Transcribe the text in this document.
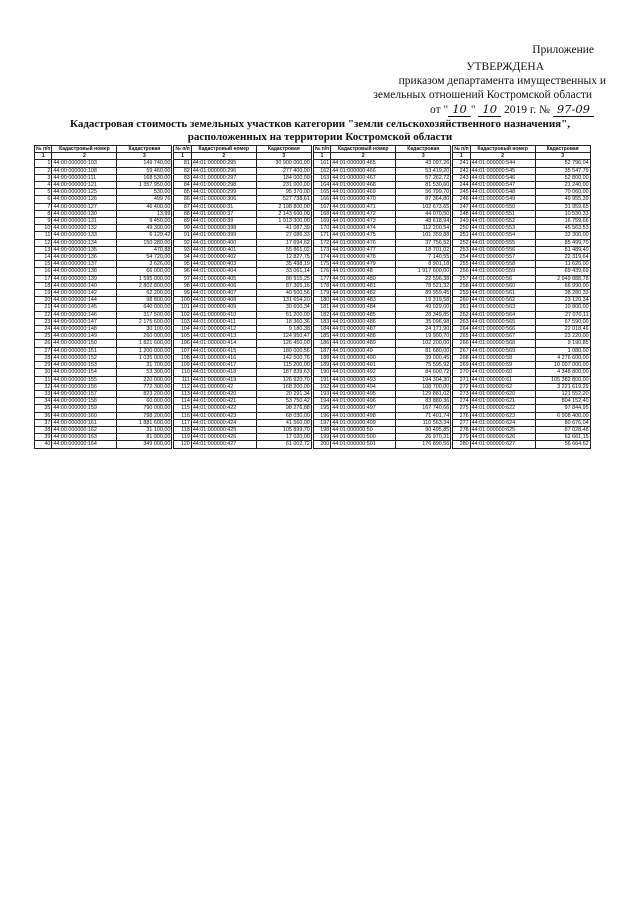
Приложение
УТВЕРЖДЕНА
приказом департамента имущественных и
земельных отношений Костромской области
от " 10 " 10 2019 г. № 97-09
Кадастровая стоимость земельных участков категории "земли сельскохозяйственного назначения",
расположенных на территории Костромской области
№ п/п	Кадастровый номер	Кадастровая
1	2	3
1	44:00:000000:103	149 740,00
2	44:00:000000:108	59 460,00
3	44:00:000000:111	168 530,00
4	44:00:000000:121	1 357 950,00
5	44:00:000000:125	530,00
6	44:00:000000:126	499 76
7	44:00:000000:127	46 400,00
8	44:00:000000:130	13,99
9	44:00:000000:131	9 450,00
10	44:00:000000:132	49 300,00
11	44:00:000000:133	6 129,42
12	44:00:000000:134	150 280,00
13	44:00:000000:135	470,88
14	44:00:000000:136	54 720,00
15	44:00:000000:137	3 626,00
16	44:00:000000:138	66 000,00
17	44:00:000000:139	1 595 000,00
18	44:00:000000:140	2 802 800,00
19	44:00:000000:142	62 200,00
20	44:00:000000:144	98 800,00
21	44:00:000000:145	640 000,00
22	44:00:000000:146	317 500,00
23	44:00:000000:147	2 175 600,00
24	44:00:000000:148	30 100,00
25	44:00:000000:149	260 000,00
26	44:00:000000:150	1 821 600,00
27	44:00:000000:151	1 200 000,00
28	44:00:000000:152	1 035 000,00
29	44:00:000000:153	31 700,00
30	44:00:000000:154	53 300,00
31	44:00:000000:155	220 000,00
32	44:00:000000:156	772 300,00
33	44:00:000000:157	823 200,00
34	44:00:000000:158	60 000,00
35	44:00:000000:159	790 000,00
36	44:00:000000:160	798 200,00
37	44:00:000000:161	1 881 600,00
38	44:00:000000:162	31 100,00
39	44:00:000000:163	81 900,00
40	44:00:000000:164	349 000,00
№ п/п	Кадастровый номер	Кадастровая
1	2	3
81	44:01:000000:295	30 900 000,00
82	44:01:000000:296	277 400,00
83	44:01:000000:297	184 000,00
84	44:01:000000:298	231 000,00
85	44:01:000000:299	95 370,00
86	44:01:000000:306	527 738,61
87	44:01:000000:31	2 198 800,00
88	44:01:000000:37	2 143 600,00
89	44:01:000000:39	1 913 300,00
90	44:01:000000:398	41 087,39
91	44:01:000000:399	27 086,33
92	44:01:000000:400	17 694,62
93	44:01:000000:401	55 861,02
94	44:01:000000:402	12 827,75
95	44:01:000000:403	35 498,19
96	44:01:000000:404	33 061,14
97	44:01:000000:405	86 915,25
98	44:01:000000:406	87 365,16
99	44:01:000000:407	40 500,56
100	44:01:000000:408	131 654,20
101	44:01:000000:409	30 600,34
102	44:01:000000:410	61 200,00
103	44:01:000000:411	18 360,36
104	44:01:000000:412	9 180,38
105	44:01:000000:413	124 950,47
106	44:01:000000:414	126 450,00
107	44:01:000000:415	180 000,56
108	44:01:000000:416	142 500,76
109	44:01:000000:417	115 200,00
110	44:01:000000:418	187 839,63
111	44:01:000000:419	126 920,70
112	44:01:000000:42	168 200,00
113	44:01:000000:420	20 291,34
114	44:01:000000:421	53 750,42
115	44:01:000000:422	98 276,88
116	44:01:000000:423	68 030,00
117	44:01:000000:424	41 560,00
118	44:01:000000:425	105 899,70
119	44:01:000000:426	17 020,00
120	44:01:000000:427	61 002,72
№ п/п	Кадастровый номер	Кадастровая
1	2	3
161	44:01:000000:465	43 097,26
162	44:01:000000:466	53 419,20
163	44:01:000000:467	57 262,72
164	44:01:000000:468	81 530,60
165	44:01:000000:469	56 799,70
166	44:01:000000:470	87 364,80
167	44:01:000000:471	102 673,65
168	44:01:000000:472	44 070,50
169	44:01:000000:473	48 618,94
170	44:01:000000:474	112 200,54
171	44:01:000000:475	101 359,88
172	44:01:000000:476	37 756,52
173	44:01:000000:477	18 701,02
174	44:01:000000:478	7 140,55
175	44:01:000000:479	8 901,18
176	44:01:000000:48	1 917 600,00
177	44:01:000000:480	22 596,38
178	44:01:000000:481	78 521,32
179	44:01:000000:482	89 959,45
180	44:01:000000:483	19 319,58
181	44:01:000000:484	49 029,00
182	44:01:000000:485	28 349,85
183	44:01:000000:486	35 096,98
184	44:01:000000:487	24 171,90
185	44:01:000000:488	19 900,70
186	44:01:000000:489	102 200,00
187	44:01:000000:49	81 680,00
188	44:01:000000:490	39 000,45
189	44:01:000000:491	75 595,92
190	44:01:000000:492	84 600,72
191	44:01:000000:493	194 304,30
192	44:01:000000:494	108 700,00
193	44:01:000000:495	129 881,02
194	44:01:000000:496	83 880,36
195	44:01:000000:497	167 740,66
196	44:01:000000:498	71 401,74
197	44:01:000000:499	110 563,34
198	44:01:000000:50	90 495,85
199	44:01:000000:500	26 970,31
200	44:01:000000:501	176 890,56
№ п/п	Кадастровый номер	Кадастровая
1	2	3
241	44:01:000000:544	52 796,04
242	44:01:000000:545	35 547,79
243	44:01:000000:546	52 800,00
244	44:01:000000:547	21 240,00
245	44:01:000000:548	70 060,00
246	44:01:000000:549	49 955,39
247	44:01:000000:550	31 959,65
248	44:01:000000:551	10 530,33
249	44:01:000000:552	16 759,66
250	44:01:000000:553	45 563,53
251	44:01:000000:554	32 300,00
252	44:01:000000:555	85 499,70
253	44:01:000000:556	81 489,40
254	44:01:000000:557	22 319,64
255	44:01:000000:558	11 620,00
256	44:01:000000:559	69 439,69
257	44:01:000000:56	2 949 888,78
258	44:01:000000:560	66 990,00
259	44:01:000000:561	38 280,33
260	44:01:000000:562	23 120,34
261	44:01:000000:563	10 800,00
262	44:01:000000:564	27 070,11
263	44:01:000000:565	67 590,00
264	44:01:000000:566	22 018,46
265	44:01:000000:567	23 220,00
266	44:01:000000:568	9 190,85
267	44:01:000000:569	1 080,00
268	44:01:000000:58	4 276 600,00
269	44:01:000000:59	10 007 000,00
270	44:01:000000:60	4 348 800,00
271	44:01:000000:61	105 382 800,00
272	44:01:000000:62	3 221 619,29
273	44:01:000000:620	121 552,20
274	44:01:000000:621	804 152,40
275	44:01:000000:622	97 844,95
276	44:01:000000:623	6 908 400,00
277	44:01:000000:624	80 676,04
278	44:01:000000:625	87 028,48
279	44:01:000000:626	62 661,15
280	44:01:000000:627	56 664,62
